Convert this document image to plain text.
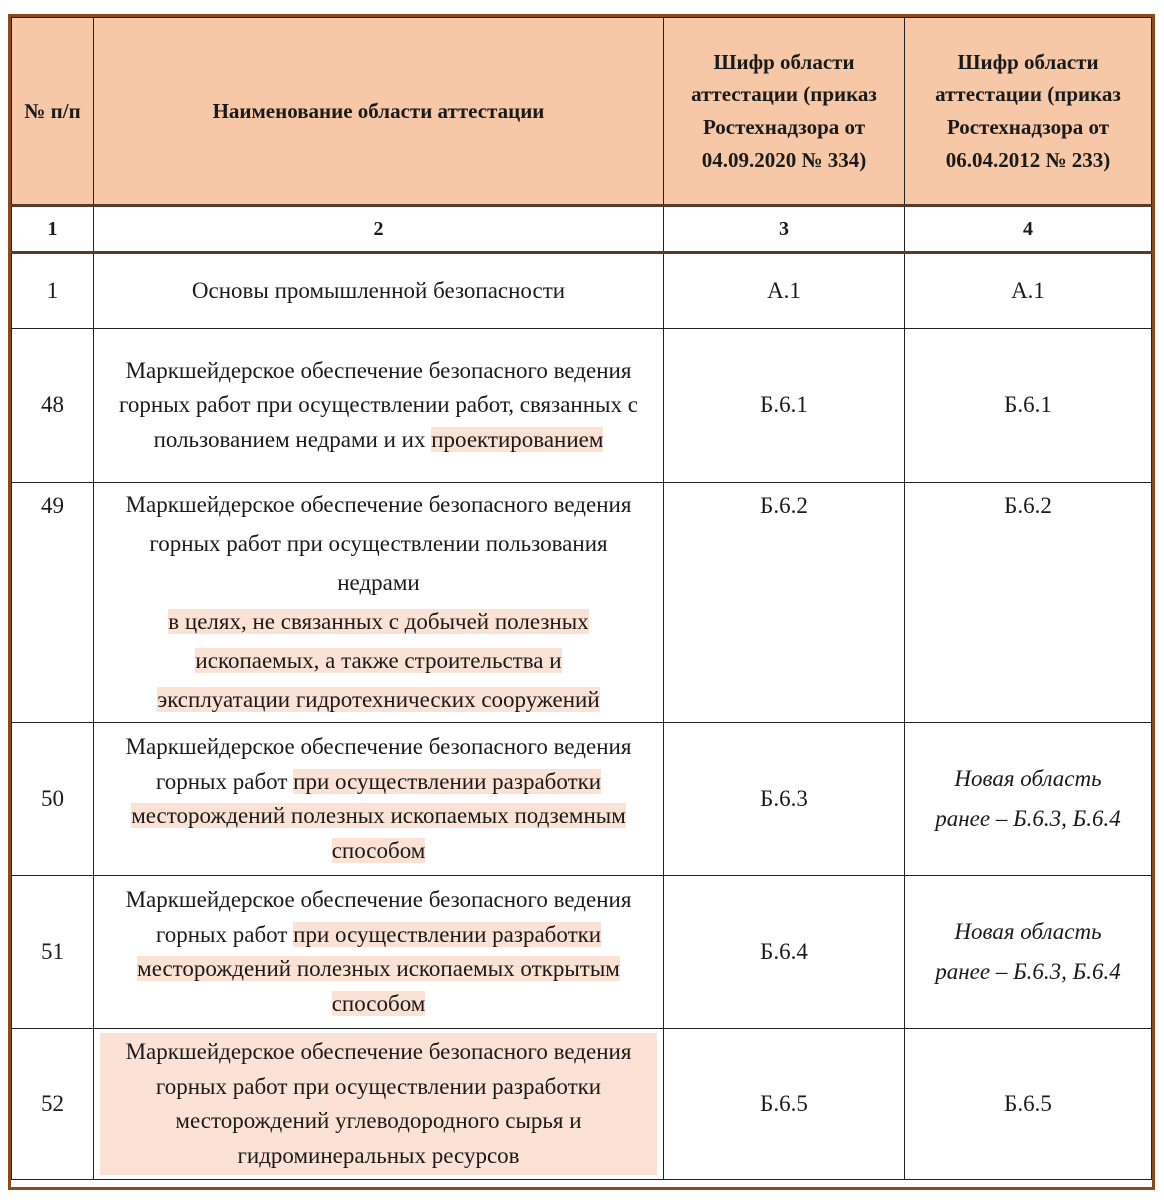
№ п/п	Наименование области аттестации	Шифр области аттестации (приказ Ростехнадзора от 04.09.2020 № 334)	Шифр области аттестации (приказ Ростехнадзора от 06.04.2012 № 233)
1	2	3	4
1	Основы промышленной безопасности	А.1	А.1
48	Маркшейдерское обеспечение безопасного ведения горных работ при осуществлении работ, связанных с пользованием недрами и их проектированием	Б.6.1	Б.6.1
49	Маркшейдерское обеспечение безопасного ведения горных работ при осуществлении пользования недрами
в целях, не связанных с добычей полезных
ископаемых, а также строительства и
эксплуатации гидротехнических сооружений	Б.6.2	Б.6.2
50	Маркшейдерское обеспечение безопасного ведения горных работ при осуществлении разработки месторождений полезных ископаемых подземным способом	Б.6.3	Новая область ранее – Б.6.3, Б.6.4
51	Маркшейдерское обеспечение безопасного ведения горных работ при осуществлении разработки месторождений полезных ископаемых открытым способом	Б.6.4	Новая область ранее – Б.6.3, Б.6.4
52	Маркшейдерское обеспечение безопасного ведения горных работ при осуществлении разработки месторождений углеводородного сырья и гидроминеральных ресурсов	Б.6.5	Б.6.5
